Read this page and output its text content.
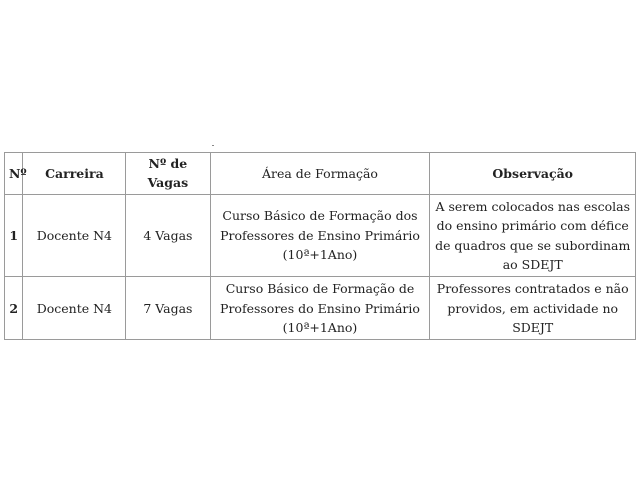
Nº	Carreira	Nº de Vagas	Área de Formação	Observação
1	Docente N4	4 Vagas	Curso Básico de Formação dos Professores de Ensino Primário (10ª+1Ano)	A serem colocados nas escolas do ensino primário com défice de quadros que se subordinam ao SDEJT
2	Docente N4	7 Vagas	Curso Básico de Formação de Professores do Ensino Primário (10ª+1Ano)	Professores contratados e não providos, em actividade no SDEJT
